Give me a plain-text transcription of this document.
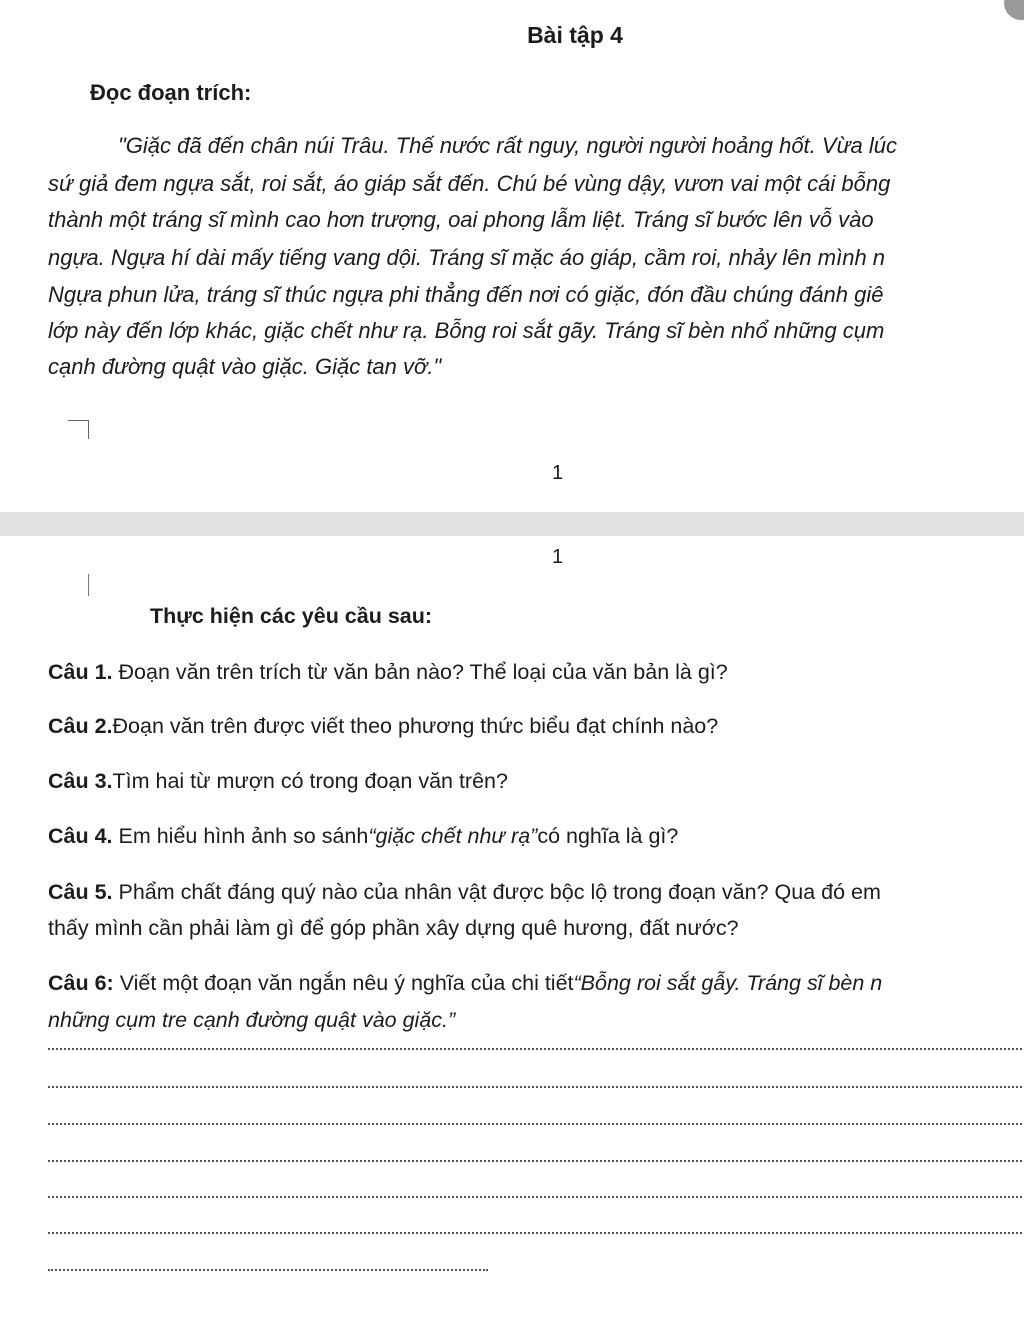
Bài tập 4
Đọc đoạn trích:
"Giặc đã đến chân núi Trâu. Thế nước rất nguy, người người hoảng hốt. Vừa lúc
sứ giả đem ngựa sắt, roi sắt, áo giáp sắt đến. Chú bé vùng dậy, vươn vai một cái bỗng
thành một tráng sĩ mình cao hơn trượng, oai phong lẫm liệt. Tráng sĩ bước lên vỗ vào
ngựa. Ngựa hí dài mấy tiếng vang dội. Tráng sĩ mặc áo giáp, cầm roi, nhảy lên mình n
Ngựa phun lửa, tráng sĩ thúc ngựa phi thẳng đến nơi có giặc, đón đầu chúng đánh giê
lớp này đến lớp khác, giặc chết như rạ. Bỗng roi sắt gãy. Tráng sĩ bèn nhổ những cụm
cạnh đường quật vào giặc. Giặc tan vỡ."
1
1
Thực hiện các yêu cầu sau:
Câu 1. Đoạn văn trên trích từ văn bản nào? Thể loại của văn bản là gì?
Câu 2.Đoạn văn trên được viết theo phương thức biểu đạt chính nào?
Câu 3.Tìm hai từ mượn có trong đoạn văn trên?
Câu 4. Em hiểu hình ảnh so sánh“giặc chết như rạ”có nghĩa là gì?
Câu 5. Phẩm chất đáng quý nào của nhân vật được bộc lộ trong đoạn văn? Qua đó em
thấy mình cần phải làm gì để góp phần xây dựng quê hương, đất nước?
Câu 6: Viết một đoạn văn ngắn nêu ý nghĩa của chi tiết“Bỗng roi sắt gẫy. Tráng sĩ bèn n
những cụm tre cạnh đường quật vào giặc.”
